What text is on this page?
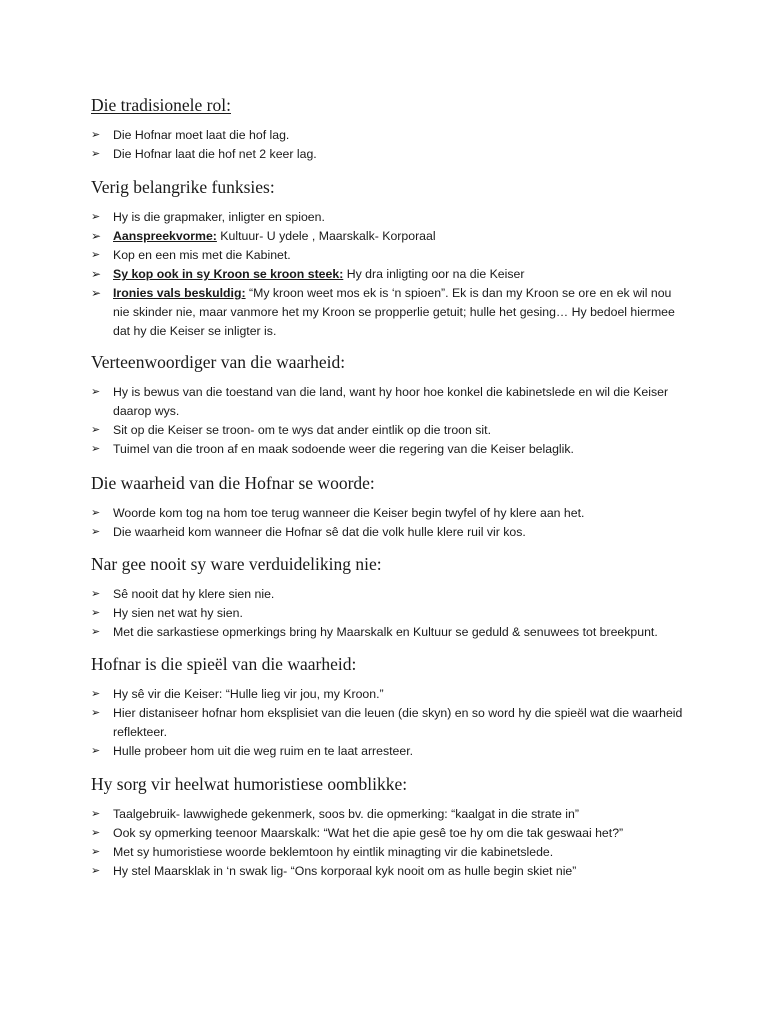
Die tradisionele rol:
➢ Die Hofnar moet laat die hof lag.
➢ Die Hofnar laat die hof net 2 keer lag.
Verig belangrike funksies:
➢ Hy is die grapmaker, inligter en spioen.
➢ Aanspreekvorme: Kultuur- U ydele , Maarskalk- Korporaal
➢ Kop en een mis met die Kabinet.
➢ Sy kop ook in sy Kroon se kroon steek: Hy dra inligting oor na die Keiser
➢ Ironies vals beskuldig: “My kroon weet mos ek is ‘n spioen”. Ek is dan my Kroon se ore en ek wil nou nie skinder nie, maar vanmore het my Kroon se propperlie getuit; hulle het gesing… Hy bedoel hiermee dat hy die Keiser se inligter is.
Verteenwoordiger van die waarheid:
➢ Hy is bewus van die toestand van die land, want hy hoor hoe konkel die kabinetslede en wil die Keiser daarop wys.
➢ Sit op die Keiser se troon- om te wys dat ander eintlik op die troon sit.
➢ Tuimel van die troon af en maak sodoende weer die regering van die Keiser belaglik.
Die waarheid van die Hofnar se woorde:
➢ Woorde kom tog na hom toe terug wanneer die Keiser begin twyfel of hy klere aan het.
➢ Die waarheid kom wanneer die Hofnar sê dat die volk hulle klere ruil vir kos.
Nar gee nooit sy ware verduideliking nie:
➢ Sê nooit dat hy klere sien nie.
➢ Hy sien net wat hy sien.
➢ Met die sarkastiese opmerkings bring hy Maarskalk en Kultuur se geduld & senuwees tot breekpunt.
Hofnar is die spieël van die waarheid:
➢ Hy sê vir die Keiser: “Hulle lieg vir jou, my Kroon.”
➢ Hier distaniseer hofnar hom eksplisiet van die leuen (die skyn) en so word hy die spieël wat die waarheid reflekteer.
➢ Hulle probeer hom uit die weg ruim en te laat arresteer.
Hy sorg vir heelwat humoristiese oomblikke:
➢ Taalgebruik- lawwighede gekenmerk, soos bv. die opmerking: “kaalgat in die strate in”
➢ Ook sy opmerking teenoor Maarskalk: “Wat het die apie gesê toe hy om die tak geswaai het?”
➢ Met sy humoristiese woorde beklemtoon hy eintlik minagting vir die kabinetslede.
➢ Hy stel Maarsklak in ‘n swak lig- “Ons korporaal kyk nooit om as hulle begin skiet nie”
